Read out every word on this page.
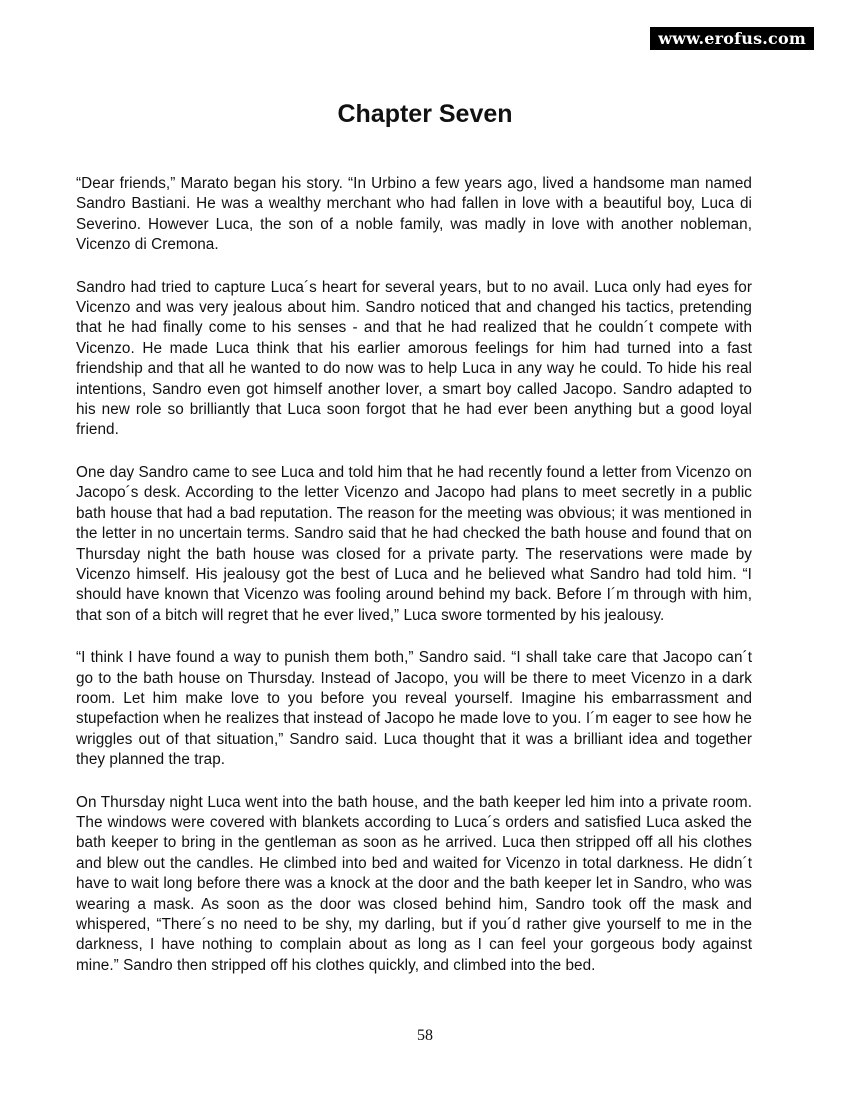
www.erofus.com
Chapter Seven

“Dear friends,” Marato began his story. “In Urbino a few years ago, lived a handsome man named Sandro Bastiani. He was a wealthy merchant who had fallen in love with a beautiful boy, Luca di Severino. However Luca, the son of a noble family, was madly in love with another nobleman, Vicenzo di Cremona.

Sandro had tried to capture Luca´s heart for several years, but to no avail. Luca only had eyes for Vicenzo and was very jealous about him. Sandro noticed that and changed his tactics, pretending that he had finally come to his senses - and that he had realized that he couldn´t compete with Vicenzo. He made Luca think that his earlier amorous feelings for him had turned into a fast friendship and that all he wanted to do now was to help Luca in any way he could. To hide his real intentions, Sandro even got himself another lover, a smart boy called Jacopo. Sandro adapted to his new role so brilliantly that Luca soon forgot that he had ever been anything but a good loyal friend.

One day Sandro came to see Luca and told him that he had recently found a letter from Vicenzo on Jacopo´s desk. According to the letter Vicenzo and Jacopo had plans to meet secretly in a public bath house that had a bad reputation. The reason for the meeting was obvious; it was mentioned in the letter in no uncertain terms. Sandro said that he had checked the bath house and found that on Thursday night the bath house was closed for a private party. The reservations were made by Vicenzo himself. His jealousy got the best of Luca and he believed what Sandro had told him. “I should have known that Vicenzo was fooling around behind my back. Before I´m through with him, that son of a bitch will regret that he ever lived,” Luca swore tormented by his jealousy.

“I think I have found a way to punish them both,” Sandro said. “I shall take care that Jacopo can´t go to the bath house on Thursday. Instead of Jacopo, you will be there to meet Vicenzo in a dark room. Let him make love to you before you reveal yourself. Imagine his embarrassment and stupefaction when he realizes that instead of Jacopo he made love to you. I´m eager to see how he wriggles out of that situation,” Sandro said. Luca thought that it was a brilliant idea and together they planned the trap.

On Thursday night Luca went into the bath house, and the bath keeper led him into a private room. The windows were covered with blankets according to Luca´s orders and satisfied Luca asked the bath keeper to bring in the gentleman as soon as he arrived. Luca then stripped off all his clothes and blew out the candles. He climbed into bed and waited for Vicenzo in total darkness. He didn´t have to wait long before there was a knock at the door and the bath keeper let in Sandro, who was wearing a mask. As soon as the door was closed behind him, Sandro took off the mask and whispered, “There´s no need to be shy, my darling, but if you´d rather give yourself to me in the darkness, I have nothing to complain about as long as I can feel your gorgeous body against mine.” Sandro then stripped off his clothes quickly, and climbed into the bed.

58
